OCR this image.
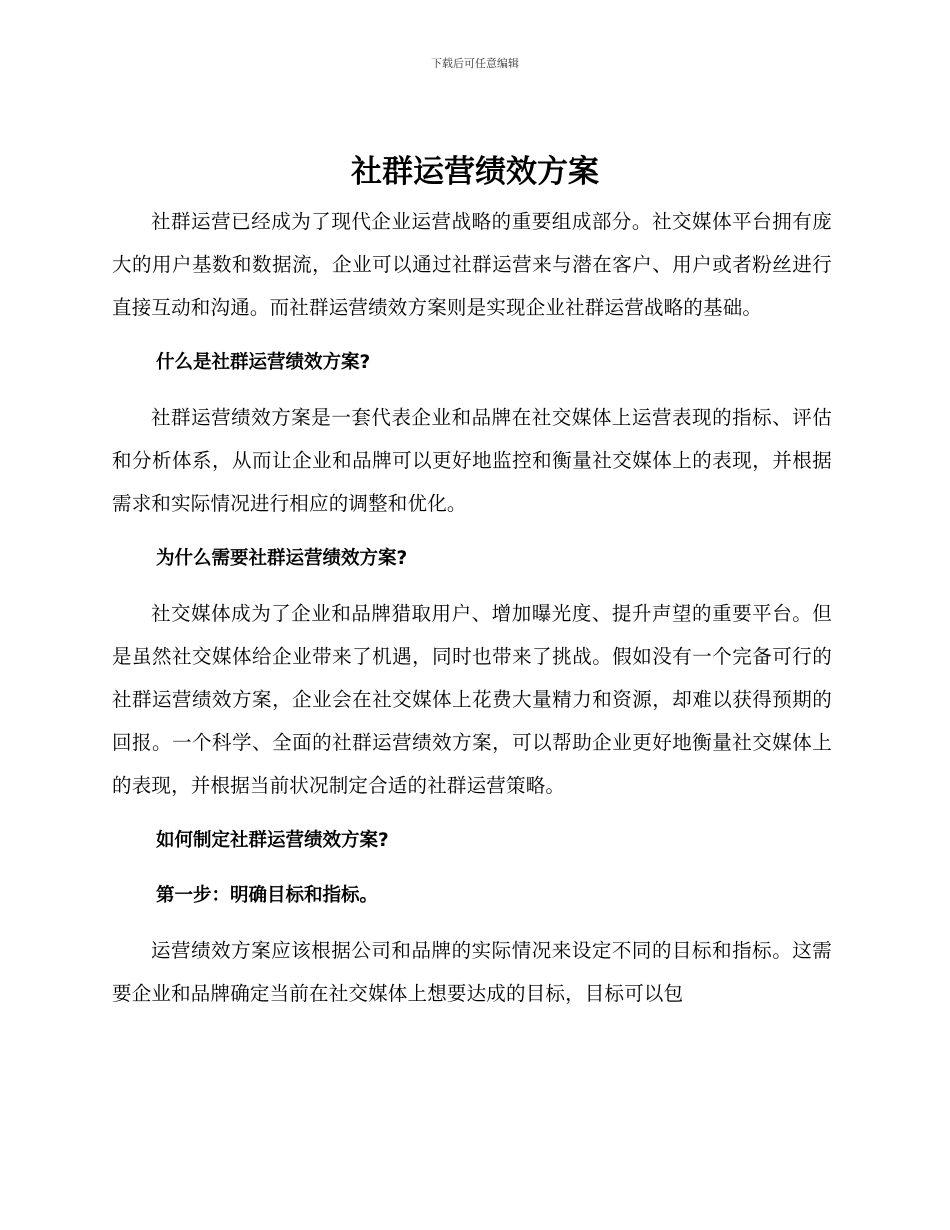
下载后可任意编辑
社群运营绩效方案

社群运营已经成为了现代企业运营战略的重要组成部分。社交媒体平台拥有庞大的用户基数和数据流，企业可以通过社群运营来与潜在客户、用户或者粉丝进行直接互动和沟通。而社群运营绩效方案则是实现企业社群运营战略的基础。

什么是社群运营绩效方案?

社群运营绩效方案是一套代表企业和品牌在社交媒体上运营表现的指标、评估和分析体系，从而让企业和品牌可以更好地监控和衡量社交媒体上的表现，并根据需求和实际情况进行相应的调整和优化。

为什么需要社群运营绩效方案?

社交媒体成为了企业和品牌猎取用户、增加曝光度、提升声望的重要平台。但是虽然社交媒体给企业带来了机遇，同时也带来了挑战。假如没有一个完备可行的社群运营绩效方案，企业会在社交媒体上花费大量精力和资源，却难以获得预期的回报。一个科学、全面的社群运营绩效方案，可以帮助企业更好地衡量社交媒体上的表现，并根据当前状况制定合适的社群运营策略。

如何制定社群运营绩效方案?

第一步：明确目标和指标。

运营绩效方案应该根据公司和品牌的实际情况来设定不同的目标和指标。这需要企业和品牌确定当前在社交媒体上想要达成的目标，目标可以包
